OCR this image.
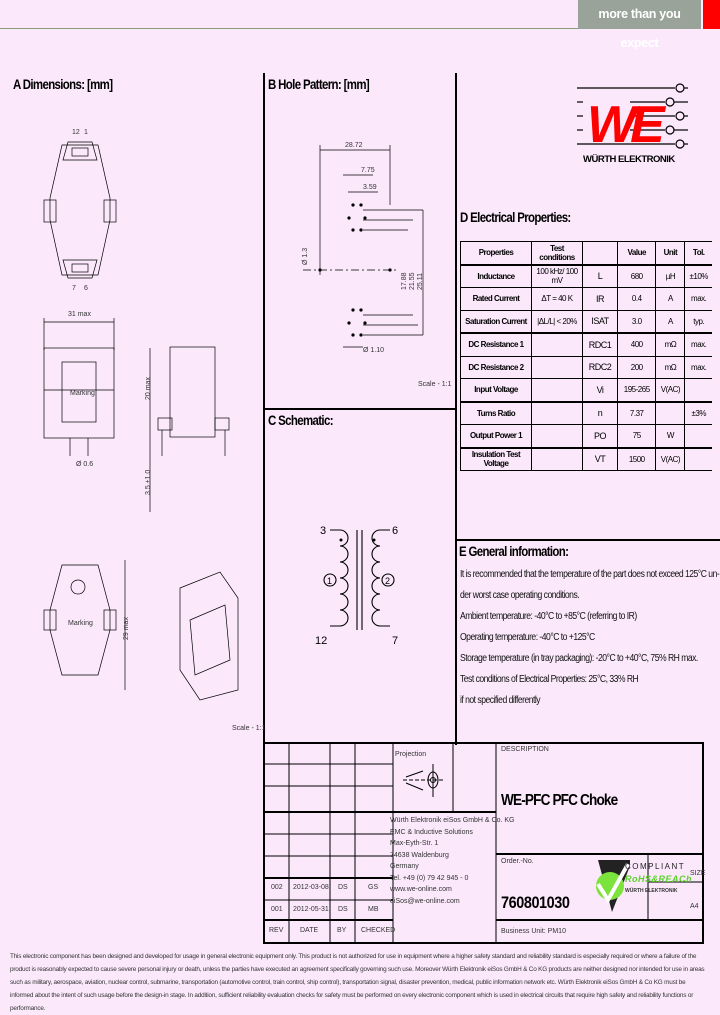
more than you expect
A Dimensions: [mm]	B Hole Pattern: [mm]
C Schematic:
D Electrical Properties:
E General information:
WE
WÜRTH ELEKTRONIK
12 1
7 6
31 max
Marking	20 max
3.5 ±1.0
Ø 0.6
29 max
Marking
Scale - 1:1
28.72
7.75
3.59
Ø 1.10
Ø 1.3
17.88 21.55 25.11
Scale - 1:1
3
12
6
7
1	2
Properties	Test conditions		Value	Unit	Tol.
Inductance	100 kHz/ 100 mV	L	680	µH	±10%
Rated Current	ΔT = 40 K	IR	0.4	A	max.
Saturation Current	|ΔL/L| < 20%	ISAT	3.0	A	typ.
DC Resistance 1		RDC1	400	mΩ	max.
DC Resistance 2		RDC2	200	mΩ	max.
Input Voltage		Vi	195-265	V(AC)	
Turns Ratio		n	7.37		±3%
Output Power 1		PO	75	W	
Insulation Test Voltage		VT	1500	V(AC)	
It is recommended that the temperature of the part does not exceed 125°C un-
der worst case operating conditions.
Ambient temperature: -40°C to +85°C (referring to IR)
Operating temperature: -40°C to +125°C
Storage temperature (in tray packaging): -20°C to +40°C, 75% RH max.
Test conditions of Electrical Properties: 25°C, 33% RH
if not specified differently
Projection
Würth Elektronik eiSos GmbH & Co. KG
EMC & Inductive Solutions
Max-Eyth-Str. 1
74638 Waldenburg
Germany
Tel. +49 (0) 79 42 945 - 0
www.we-online.com
eiSos@we-online.com
002 2012-03-08 DS	GS
001 2012-05-31 DS	MB
REV DATE	BY CHECKED
DESCRIPTION
WE-PFC PFC Choke
Order.-No.
760801030
SIZE
A4
Business Unit: PM10
COMPLIANT
RoHS&REACh
WÜRTH ELEKTRONIK
This electronic component has been designed and developed for usage in general electronic equipment only. This product is not authorized for use in equipment where a higher safety standard and reliability standard is especially required or where a failure of the product is reasonably expected to cause severe personal injury or death, unless the parties have executed an agreement specifically governing such use. Moreover Würth Elektronik eiSos GmbH & Co KG products are neither designed nor intended for use in areas such as military, aerospace, aviation, nuclear control, submarine, transportation (automotive control, train control, ship control), transportation signal, disaster prevention, medical, public information network etc. Würth Elektronik eiSos GmbH & Co KG must be informed about the intent of such usage before the design-in stage. In addition, sufficient reliability evaluation checks for safety must be performed on every electronic component which is used in electrical circuits that require high safety and reliability functions or performance.
